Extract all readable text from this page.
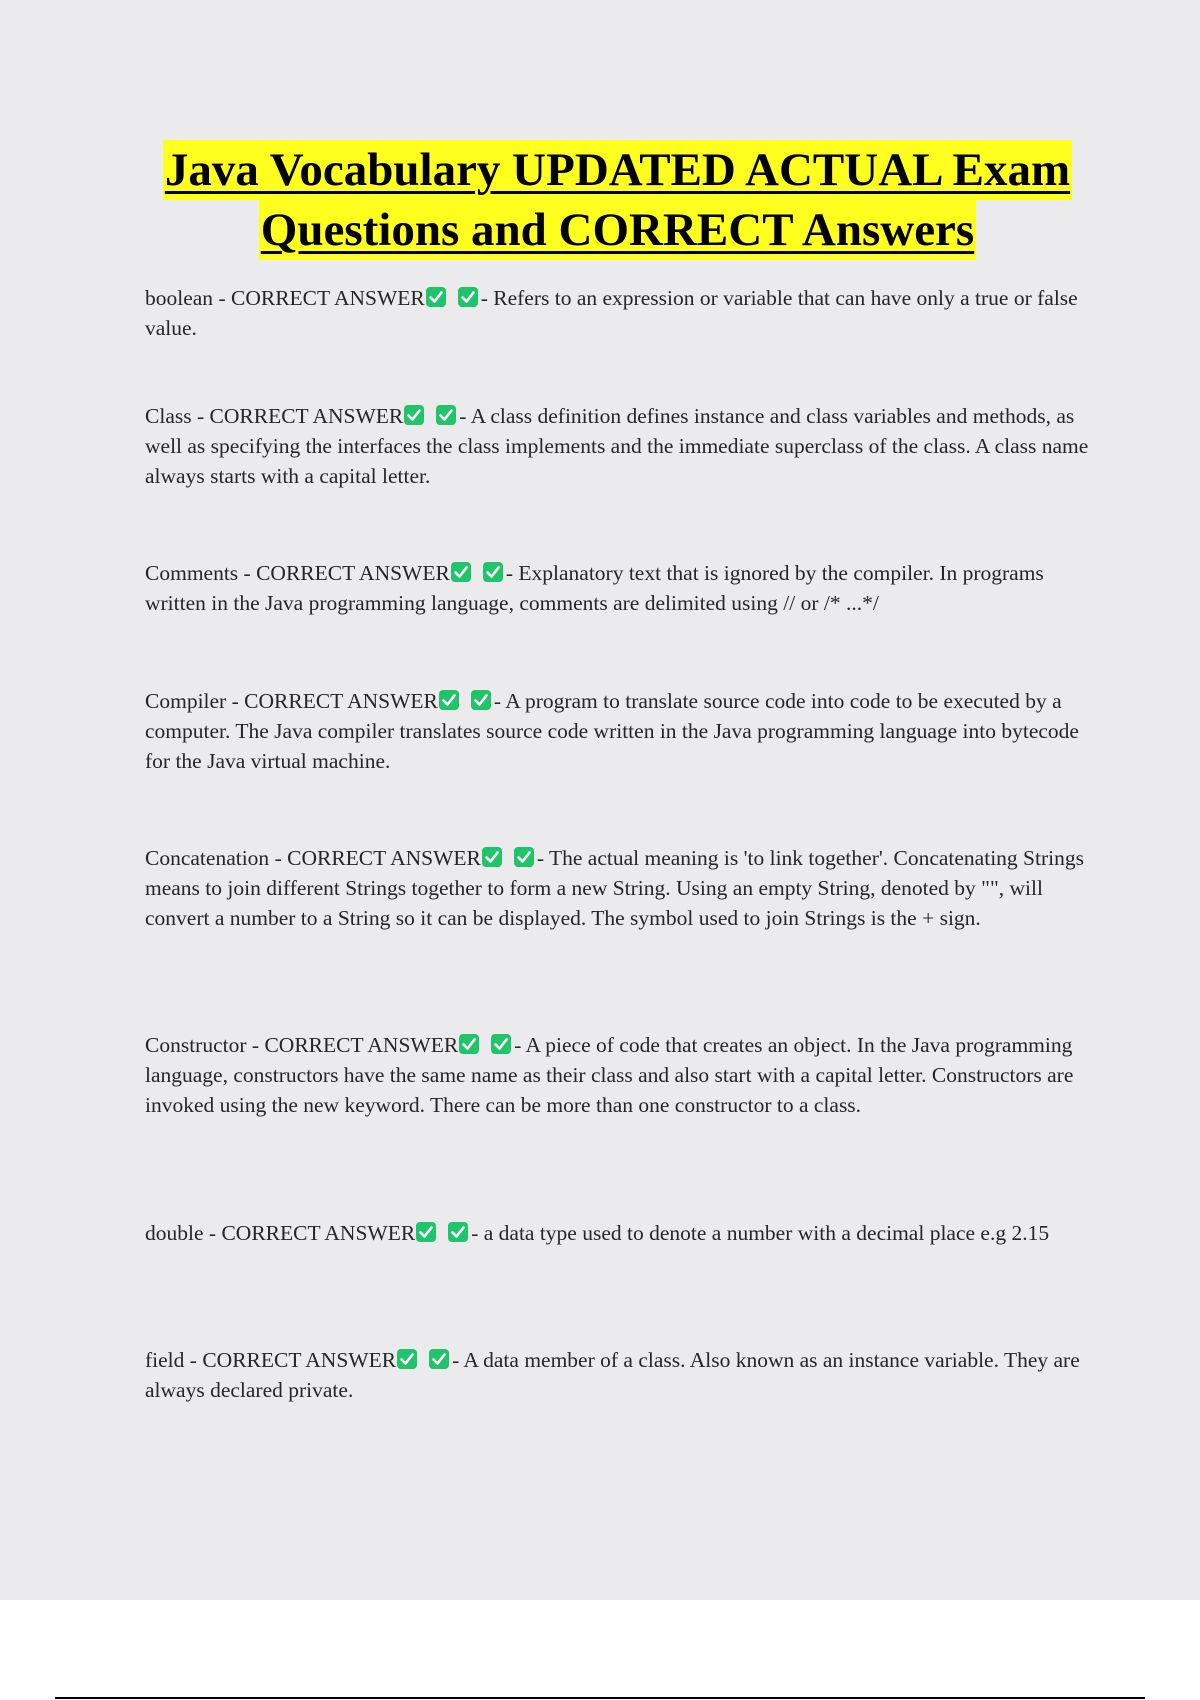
Java Vocabulary UPDATED ACTUAL Exam
Questions and CORRECT Answers

boolean - CORRECT ANSWER	- Refers to an expression or variable that can have only a true or false value.

Class - CORRECT ANSWER	- A class definition defines instance and class variables and methods, as well as specifying the interfaces the class implements and the immediate superclass of the class. A class name always starts with a capital letter.

Comments - CORRECT ANSWER	- Explanatory text that is ignored by the compiler. In programs written in the Java programming language, comments are delimited using // or /* ...*/

Compiler - CORRECT ANSWER	- A program to translate source code into code to be executed by a computer. The Java compiler translates source code written in the Java programming language into bytecode for the Java virtual machine.

Concatenation - CORRECT ANSWER	- The actual meaning is 'to link together'. Concatenating Strings means to join different Strings together to form a new String. Using an empty String, denoted by "", will convert a number to a String so it can be displayed. The symbol used to join Strings is the + sign.

Constructor - CORRECT ANSWER	- A piece of code that creates an object. In the Java programming language, constructors have the same name as their class and also start with a capital letter. Constructors are invoked using the new keyword. There can be more than one constructor to a class.

double - CORRECT ANSWER	- a data type used to denote a number with a decimal place e.g 2.15

field - CORRECT ANSWER	- A data member of a class. Also known as an instance variable. They are always declared private.
